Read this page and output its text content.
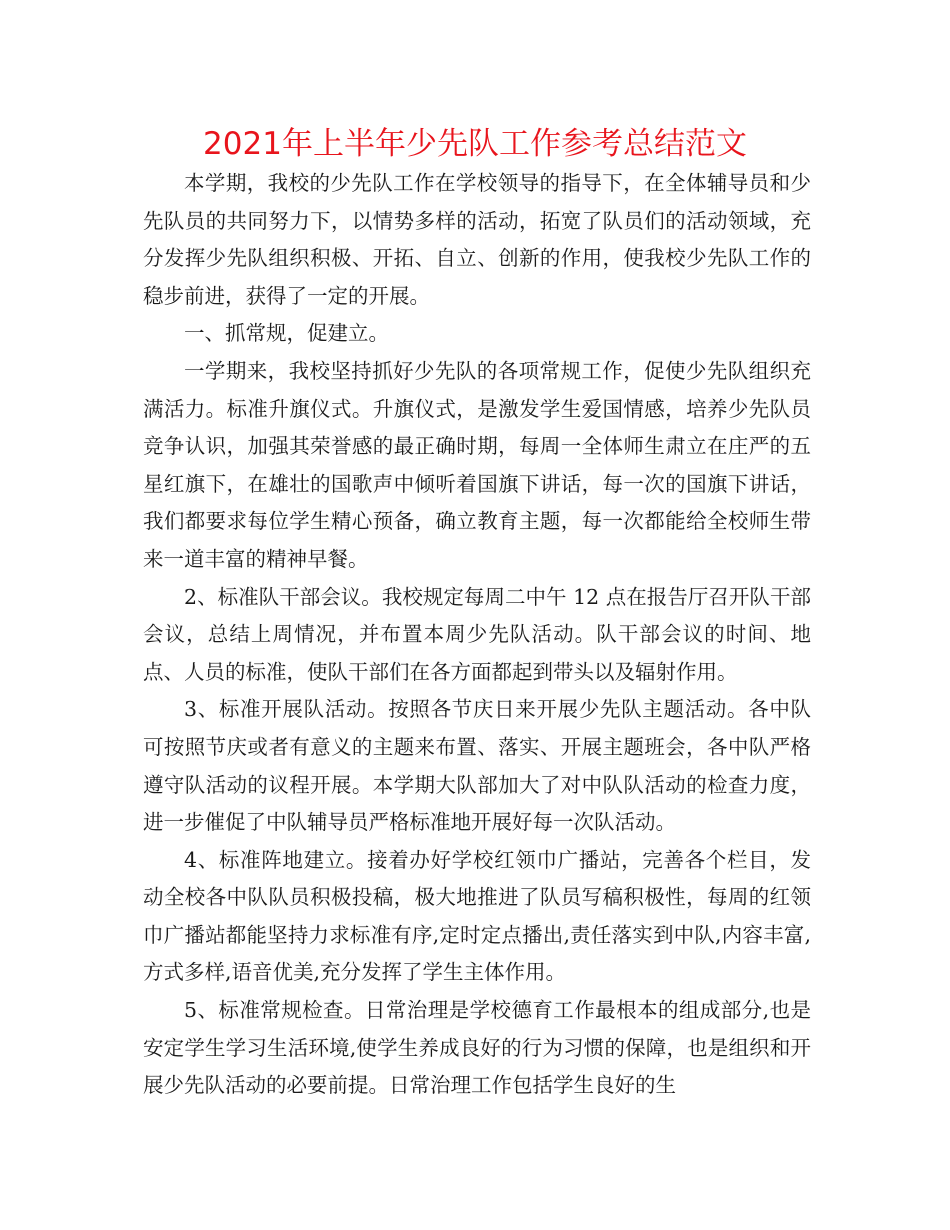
2021年上半年少先队工作参考总结范文

本学期，我校的少先队工作在学校领导的指导下，在全体辅导员和少先队员的共同努力下，以情势多样的活动，拓宽了队员们的活动领域，充分发挥少先队组织积极、开拓、自立、创新的作用，使我校少先队工作的稳步前进，获得了一定的开展。

一、抓常规，促建立。

一学期来，我校坚持抓好少先队的各项常规工作，促使少先队组织充满活力。标准升旗仪式。升旗仪式，是激发学生爱国情感，培养少先队员竞争认识，加强其荣誉感的最正确时期，每周一全体师生肃立在庄严的五星红旗下，在雄壮的国歌声中倾听着国旗下讲话，每一次的国旗下讲话，我们都要求每位学生精心预备，确立教育主题，每一次都能给全校师生带来一道丰富的精神早餐。

2、标准队干部会议。我校规定每周二中午 12 点在报告厅召开队干部会议，总结上周情况，并布置本周少先队活动。队干部会议的时间、地点、人员的标准，使队干部们在各方面都起到带头以及辐射作用。

3、标准开展队活动。按照各节庆日来开展少先队主题活动。各中队可按照节庆或者有意义的主题来布置、落实、开展主题班会，各中队严格遵守队活动的议程开展。本学期大队部加大了对中队队活动的检查力度，进一步催促了中队辅导员严格标准地开展好每一次队活动。

4、标准阵地建立。接着办好学校红领巾广播站，完善各个栏目，发动全校各中队队员积极投稿，极大地推进了队员写稿积极性，每周的红领巾广播站都能坚持力求标准有序,定时定点播出,责任落实到中队,内容丰富,方式多样,语音优美,充分发挥了学生主体作用。

5、标准常规检查。日常治理是学校德育工作最根本的组成部分,也是安定学生学习生活环境,使学生养成良好的行为习惯的保障，也是组织和开展少先队活动的必要前提。日常治理工作包括学生良好的生
